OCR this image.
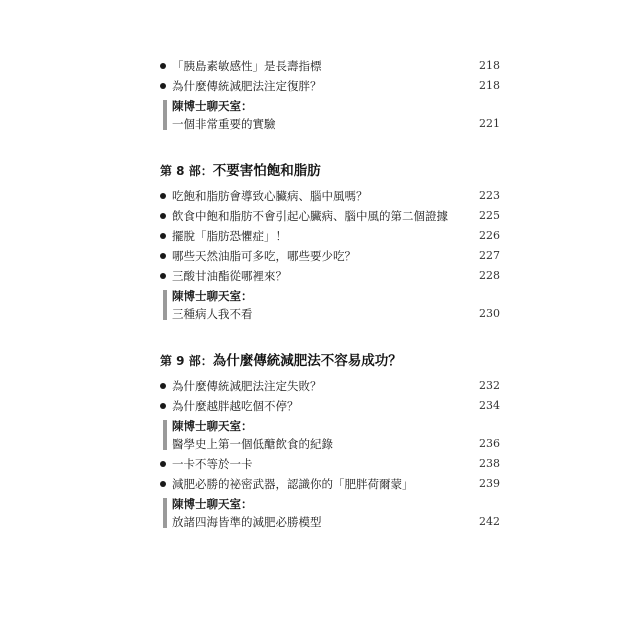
「胰島素敏感性」是長壽指標	218
為什麼傳統減肥法注定復胖？	218
陳博士聊天室：
一個非常重要的實驗	221
第 8 部：不要害怕飽和脂肪
吃飽和脂肪會導致心臟病、腦中風嗎？	223
飲食中飽和脂肪不會引起心臟病、腦中風的第二個證據	225
擺脫「脂肪恐懼症」！	226
哪些天然油脂可多吃，哪些要少吃？	227
三酸甘油酯從哪裡來？	228
陳博士聊天室：
三種病人我不看	230
第 9 部：為什麼傳統減肥法不容易成功？
為什麼傳統減肥法注定失敗？	232
為什麼越胖越吃個不停？	234
陳博士聊天室：
醫學史上第一個低醣飲食的紀錄	236
一卡不等於一卡	238
減肥必勝的祕密武器，認識你的「肥胖荷爾蒙」	239
陳博士聊天室：
放諸四海皆準的減肥必勝模型	242
